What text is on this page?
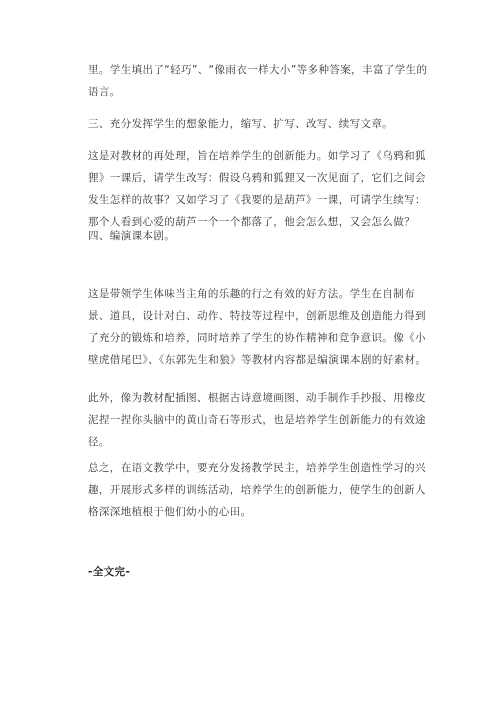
里。学生填出了“轻巧”、“像雨衣一样大小”等多种答案，丰富了学生的语言。

三、充分发挥学生的想象能力，缩写、扩写、改写、续写文章。

这是对教材的再处理，旨在培养学生的创新能力。如学习了《乌鸦和狐狸》一课后，请学生改写：假设乌鸦和狐狸又一次见面了，它们之间会发生怎样的故事？又如学习了《我要的是葫芦》一课，可请学生续写：那个人看到心爱的葫芦一个一个都落了，他会怎么想，又会怎么做？

四、编演课本剧。

这是带领学生体味当主角的乐趣的行之有效的好方法。学生在自制布景、道具，设计对白、动作、特技等过程中，创新思维及创造能力得到了充分的锻炼和培养，同时培养了学生的协作精神和竞争意识。像《小壁虎借尾巴》、《东郭先生和狼》等教材内容都是编演课本剧的好素材。

此外，像为教材配插图、根据古诗意境画图、动手制作手抄报、用橡皮泥捏一捏你头脑中的黄山奇石等形式，也是培养学生创新能力的有效途径。

总之，在语文教学中，要充分发扬教学民主，培养学生创造性学习的兴趣，开展形式多样的训练活动，培养学生的创新能力，使学生的创新人格深深地植根于他们幼小的心田。

-全文完-
